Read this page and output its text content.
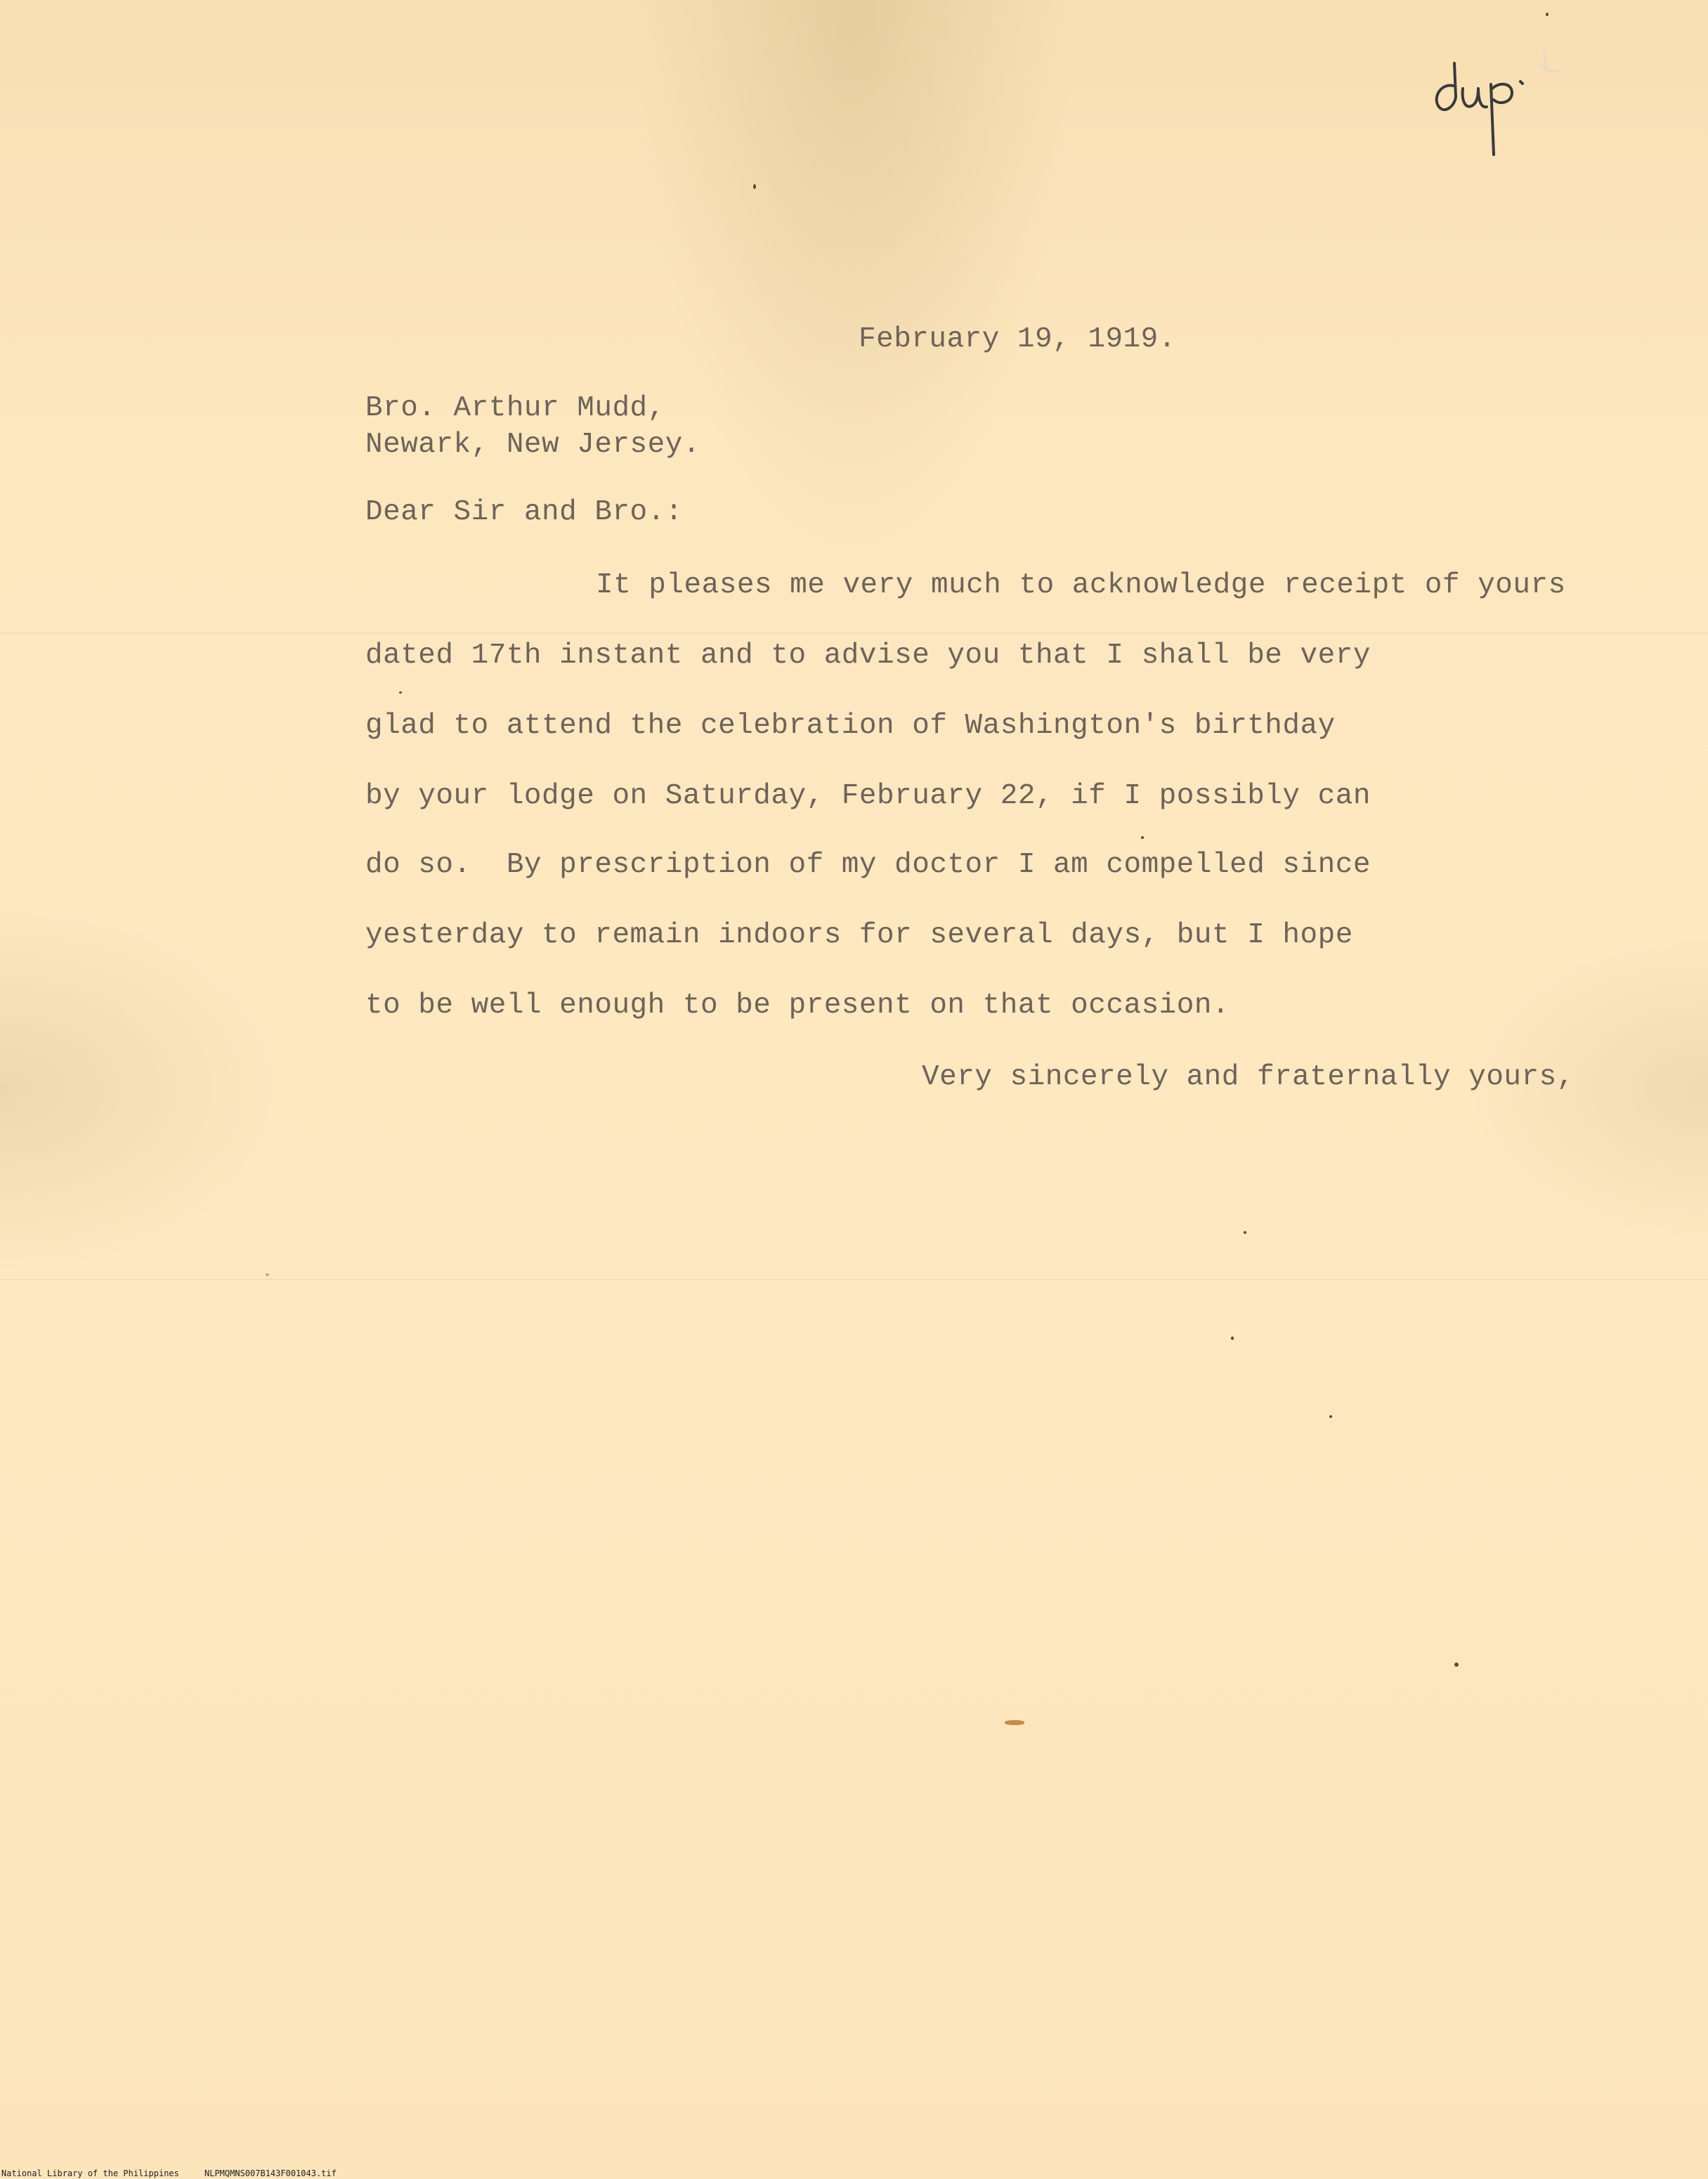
February 19, 1919.

Bro. Arthur Mudd,

Newark, New Jersey.

Dear Sir and Bro.:

It pleases me very much to acknowledge receipt of yours

dated 17th instant and to advise you that I shall be very

glad to attend the celebration of Washington's birthday

by your lodge on Saturday, February 22, if I possibly can

do so.  By prescription of my doctor I am compelled since

yesterday to remain indoors for several days, but I hope

to be well enough to be present on that occasion.

Very sincerely and fraternally yours,

National Library of the Philippines	NLPMQMNS007B143F001043.tif
